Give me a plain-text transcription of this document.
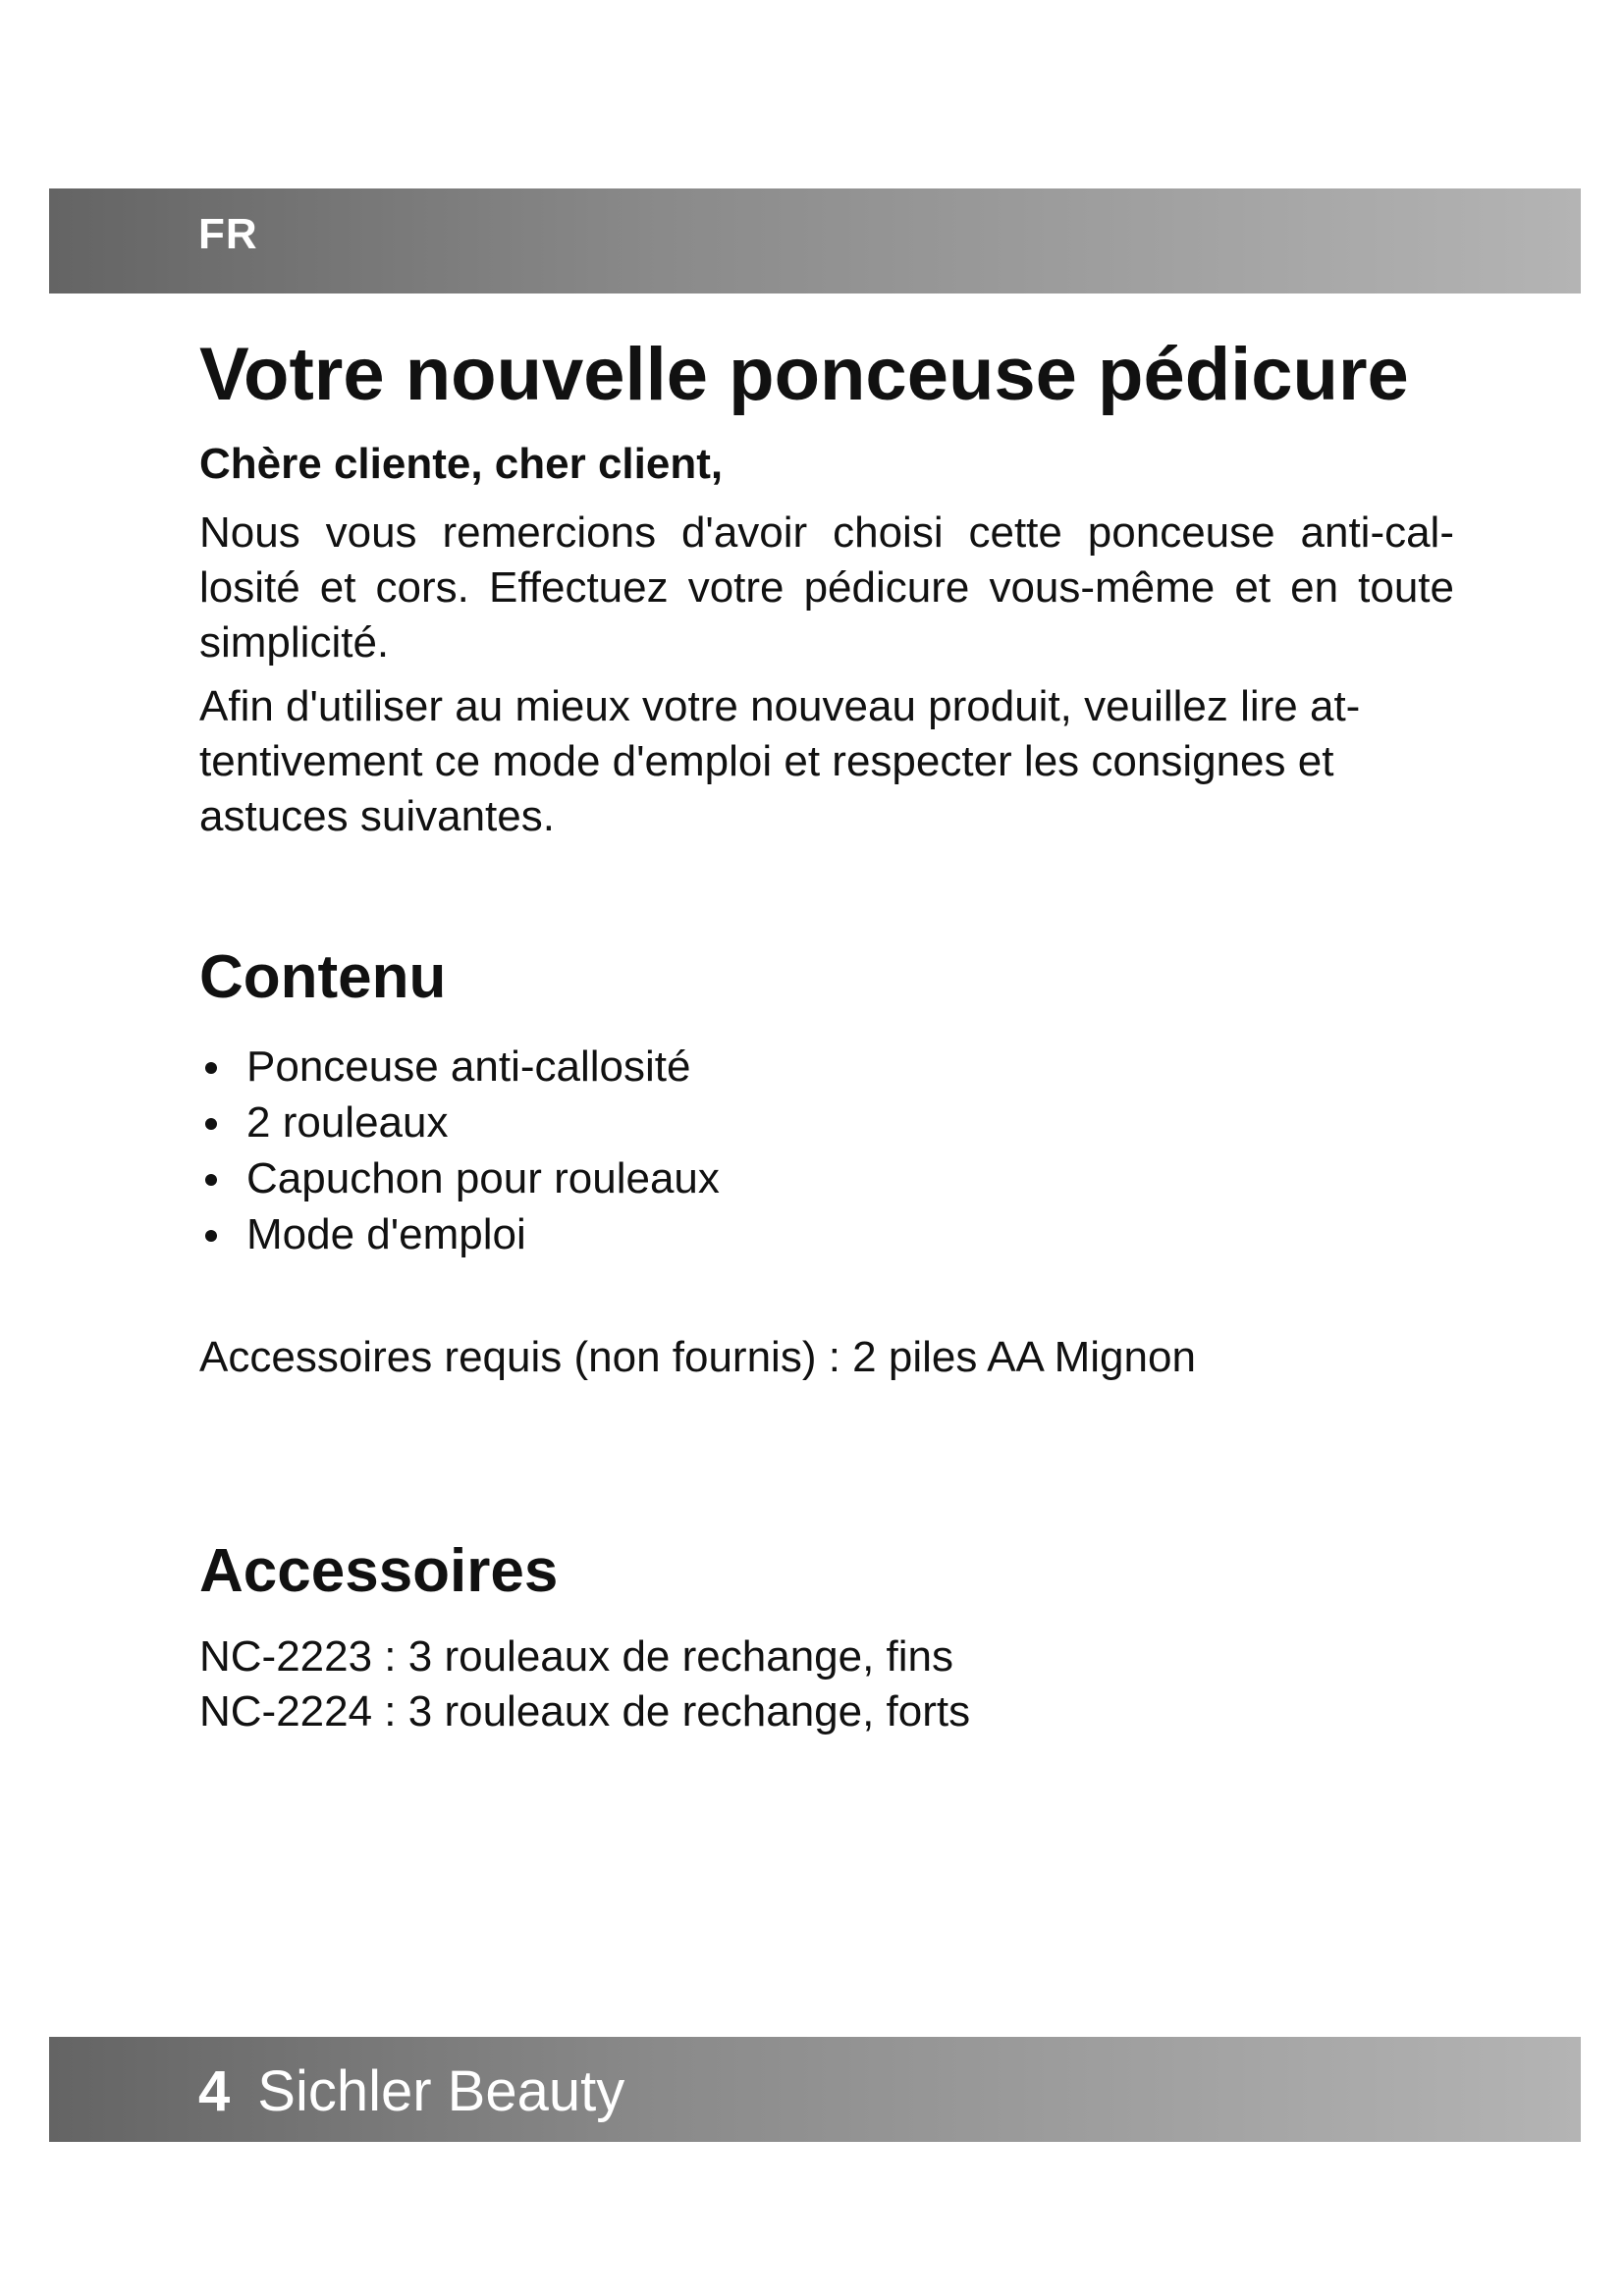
FR
Votre nouvelle ponceuse pédicure

Chère cliente, cher client,

Nous vous remercions d'avoir choisi cette ponceuse anti-cal-losité et cors. Effectuez votre pédicure vous-même et en toute simplicité.

Afin d'utiliser au mieux votre nouveau produit, veuillez lire at-tentivement ce mode d'emploi et respecter les consignes et astuces suivantes.

Contenu
Ponceuse anti-callosité
2 rouleaux
Capuchon pour rouleaux
Mode d'emploi

Accessoires requis (non fournis) : 2 piles AA Mignon

Accessoires

NC-2223 : 3 rouleaux de rechange, fins

NC-2224 : 3 rouleaux de rechange, forts

4 Sichler Beauty
